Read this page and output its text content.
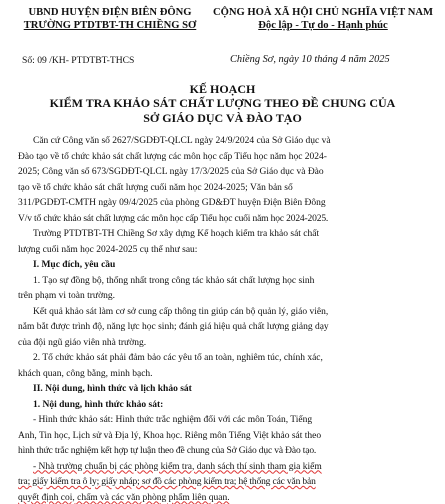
UBND HUYỆN ĐIỆN BIÊN ĐÔNG
TRƯỜNG PTDTBT-TH CHIỀNG SƠ
CỘNG HOÀ XÃ HỘI CHỦ NGHĨA VIỆT NAM
Độc lập - Tự do - Hạnh phúc
Số: 09 /KH- PTDTBT-THCS	Chiềng Sơ, ngày 10 tháng 4 năm 2025
KẾ HOẠCH
KIỂM TRA KHẢO SÁT CHẤT LƯỢNG THEO ĐỀ CHUNG CỦA
SỞ GIÁO DỤC VÀ ĐÀO TẠO

Căn cứ Công văn số 2627/SGDĐT-QLCL ngày 24/9/2024 của Sở Giáo dục và

Đào tạo về tổ chức khảo sát chất lượng các môn học cấp Tiểu học năm học 2024-

2025; Công văn số 673/SGDĐT-QLCL ngày 17/3/2025 của Sở Giáo dục và Đào

tạo về tổ chức khảo sát chất lượng cuối năm học 2024-2025; Văn bản số

311/PGDĐT-CMTH ngày 09/4/2025 của phòng GD&ĐT huyện Điện Biên Đông

V/v tổ chức khảo sát chất lượng các môn học cấp Tiểu học cuối năm học 2024-2025.

Trường PTDTBT-TH Chiềng Sơ xây dựng Kế hoạch kiểm tra khảo sát chất

lượng cuối năm học 2024-2025 cụ thể như sau:

I. Mục đích, yêu cầu

1. Tạo sự đồng bộ, thống nhất trong công tác khảo sát chất lượng học sinh

trên phạm vi toàn trường.

Kết quả khảo sát làm cơ sở cung cấp thông tin giúp cán bộ quản lý, giáo viên,

nắm bắt được trình độ, năng lực học sinh; đánh giá hiệu quả chất lượng giảng dạy

của đội ngũ giáo viên nhà trường.

2. Tổ chức khảo sát phải đảm bảo các yêu tố an toàn, nghiêm túc, chính xác,

khách quan, công bằng, minh bạch.

II. Nội dung, hình thức và lịch khảo sát

1. Nội dung, hình thức khảo sát:

- Hình thức khảo sát: Hình thức trắc nghiệm đối với các môn Toán, Tiếng

Anh, Tin học, Lịch sử và Địa lý, Khoa học. Riêng môn Tiếng Việt khảo sát theo

hình thức trắc nghiệm kết hợp tự luận theo đề chung của Sở Giáo dục và Đào tạo.

- Nhà trường chuẩn bị các phòng kiểm tra, danh sách thí sinh tham gia kiểm

tra; giấy kiểm tra ô ly; giấy nháp; sơ đồ các phòng kiểm tra; hệ thống các văn bản

quyết định coi, chấm và các văn phòng phẩm liên quan.
